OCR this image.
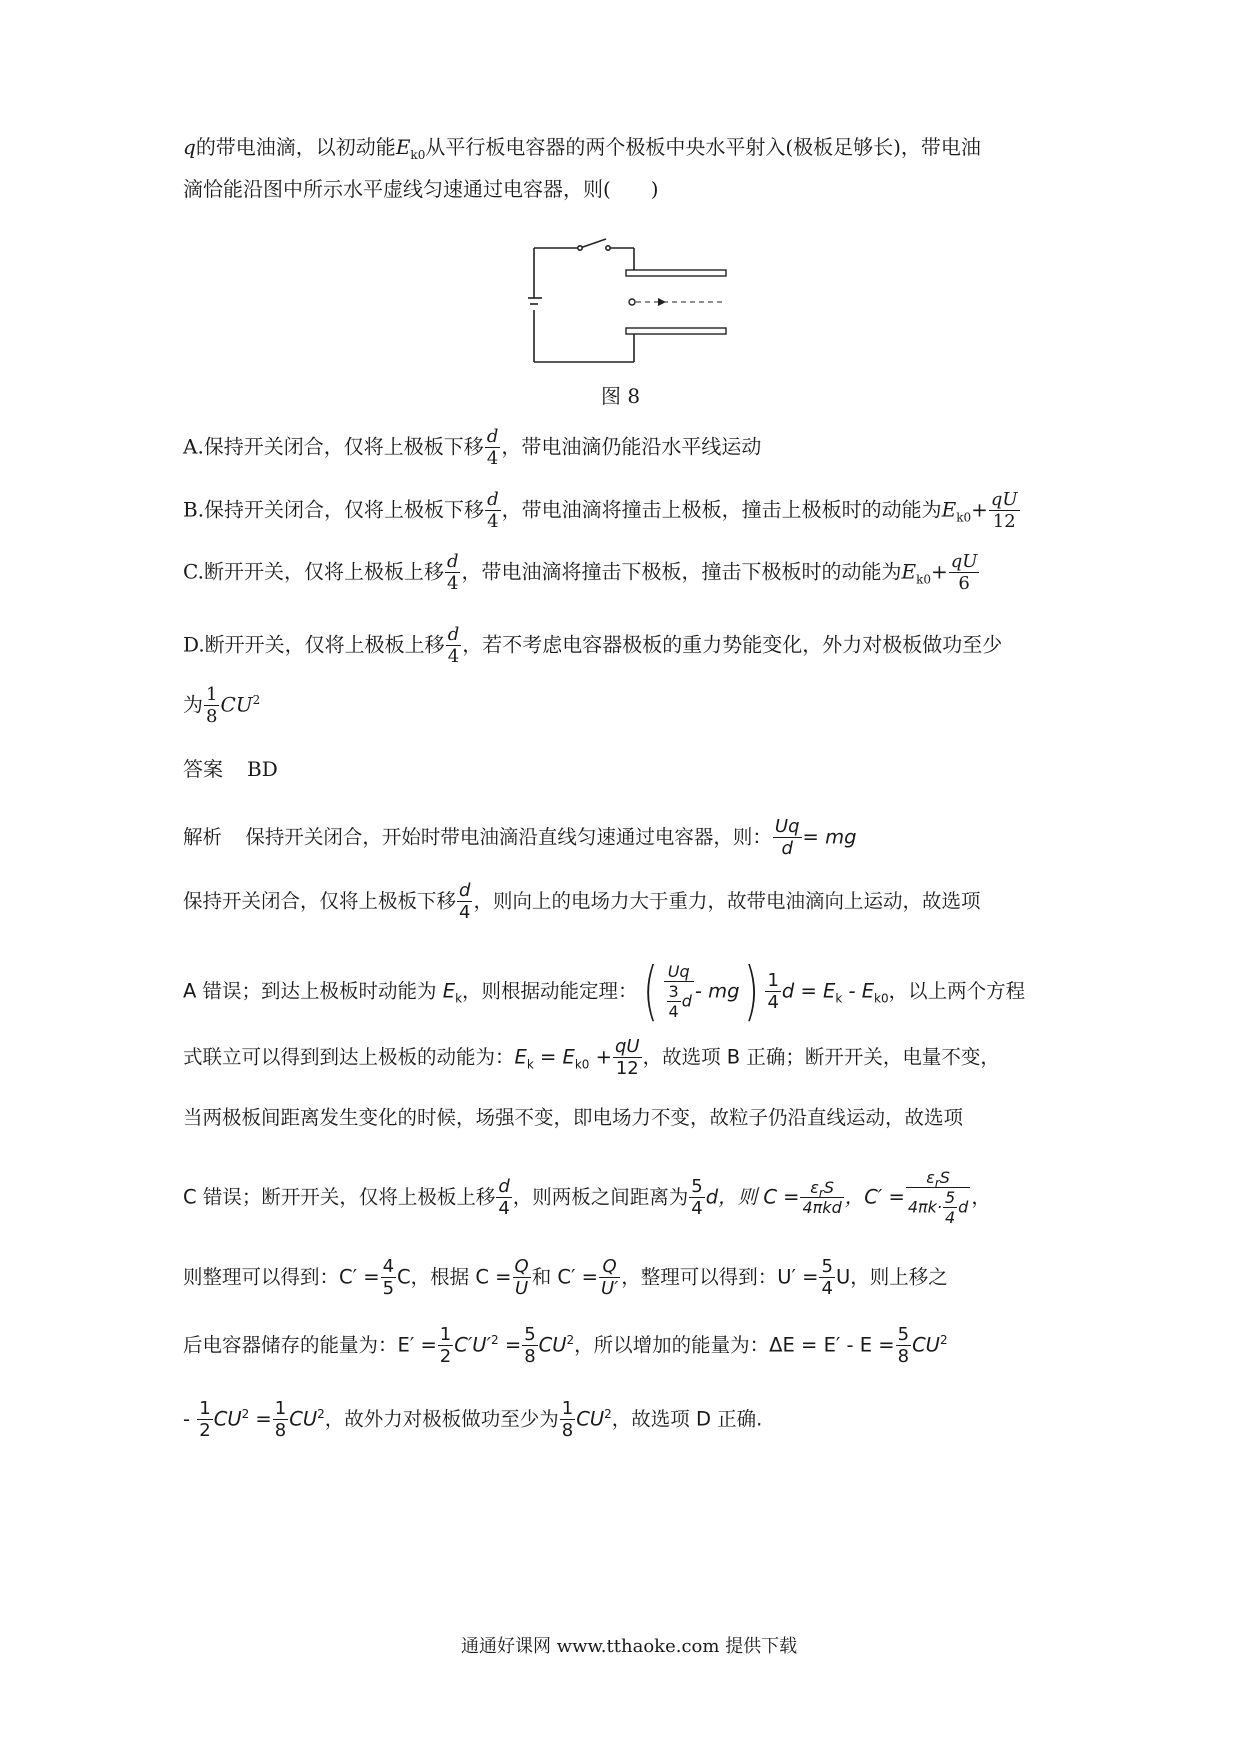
q的带电油滴，以初动能$E_{k0}$从平行板电容器的两个极板中央水平射入(极板足够长)，带电油
滴恰能沿图中所示水平虚线匀速通过电容器，则(　　)
图 8
A.保持开关闭合，仅将上极板下移 $\frac{d}{4}$ ，带电油滴仍能沿水平线运动
B.保持开关闭合，仅将上极板下移 $\frac{d}{4}$ ，带电油滴将撞击上极板，撞击上极板时的动能为$E_{k0}+ \frac{qU}{12}$
C.断开开关，仅将上极板上移 $\frac{d}{4}$ ，带电油滴将撞击下极板，撞击下极板时的动能为$E_{k0}+ \frac{qU}{6}$
D.断开开关，仅将上极板上移 $\frac{d}{4}$ ，若不考虑电容器极板的重力势能变化，外力对极板做功至少
为 $\frac{1}{8} CU^2$
答案 BD
解析 保持开关闭合，开始时带电油滴沿直线匀速通过电容器，则： $\frac{Uq}{d}$ = mg
保持开关闭合，仅将上极板下移 $\frac{d}{4}$ ，则向上的电场力大于重力，故带电油滴向上运动，故选项
A 错误；到达上极板时动能为 $E_k$，则根据动能定理：( $\frac{Uq}{\frac{3}{4} d} - mg) \frac{1}{4}$ $d = E_k - E_{k0}$，以上两个方程
式联立可以得到到达上极板的动能为：$E_k = E_{k0} + \frac{qU}{12}$ ，故选项 B 正确；断开开关，电量不变，
当两极板间距离发生变化的时候，场强不变，即电场力不变，故粒子仍沿直线运动，故选项
C 错误；断开开关，仅将上极板上移 $\frac{d}{4}$ ，则两板之间距离为 $\frac{5}{4}$ d，则 $C = \frac{\varepsilon_rS}{\text{4πkd}}$ ，$C' = \frac{\varepsilon_rS}{4\pi k\cdot \frac{5}{4} d}$ ，
则整理可以得到：$C' = \frac{4}{5}$ C，根据 $C = \frac{Q}{U}$ 和 $C' = \frac{Q}{U'}$ ，整理可以得到：$U' = \frac{5}{4}$ U，则上移之
后电容器储存的能量为：$E' = \frac{1}{2} C'U'^2 = \frac{5}{8} CU^2$，所以增加的能量为：$\Delta E = E' - E = \frac{5}{8} CU^2$
- $\frac{1}{2} CU^2 = \frac{1}{8} CU^2$，故外力对极板做功至少为 $\frac{1}{8} CU^2$，故选项 D 正确.
通通好课网 www.tthaoke.com 提供下载
